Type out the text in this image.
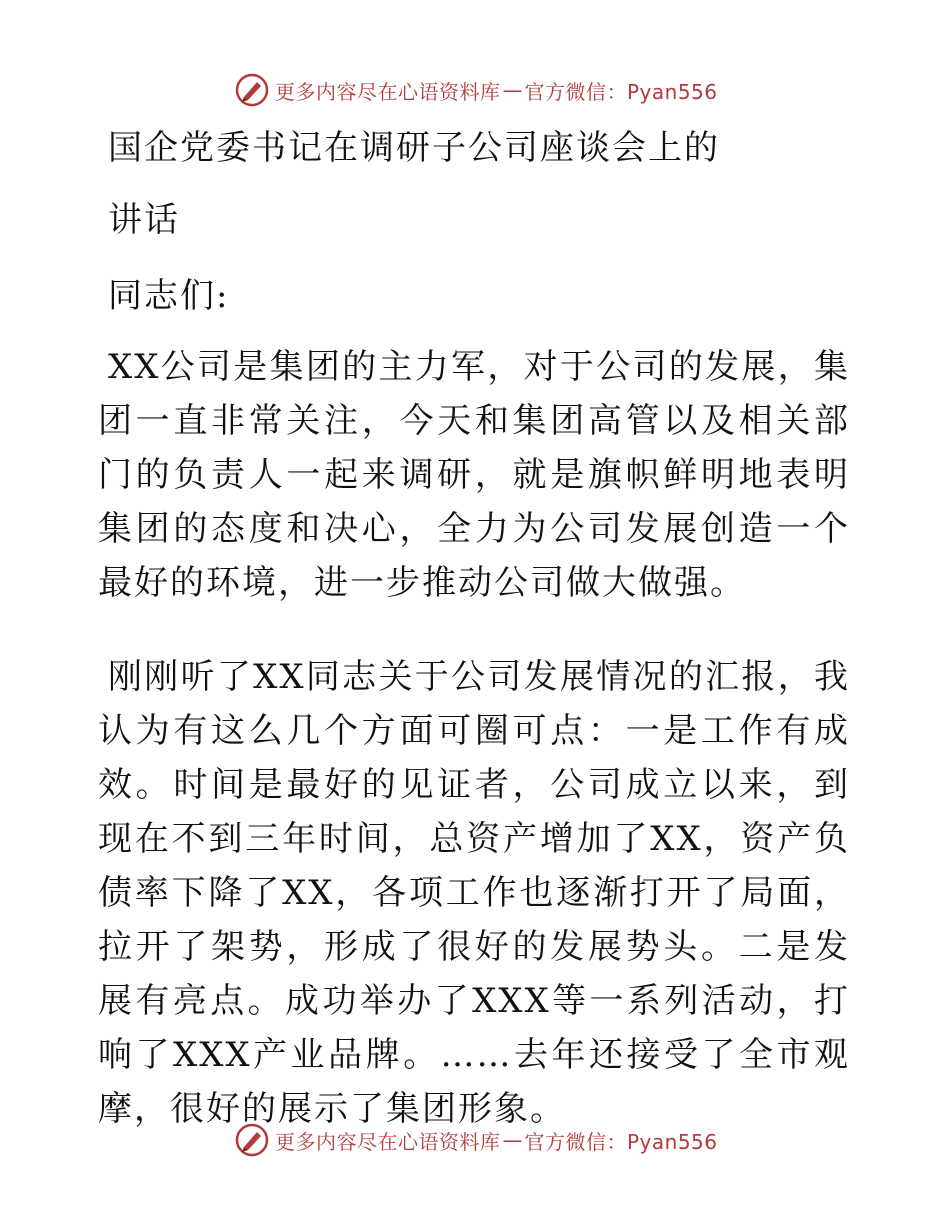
更多内容尽在心语资料库 — 官方微信：Pyan556
国企党委书记在调研子公司座谈会上的
讲话
同志们:
XX公司是集团的主力军，对于公司的发展，集团一直非常关注，今天和集团高管以及相关部门的负责人一起来调研，就是旗帜鲜明地表明集团的态度和决心，全力为公司发展创造一个最好的环境，进一步推动公司做大做强。
刚刚听了XX同志关于公司发展情况的汇报，我认为有这么几个方面可圈可点：一是工作有成效。时间是最好的见证者，公司成立以来，到现在不到三年时间，总资产增加了XX，资产负债率下降了XX，各项工作也逐渐打开了局面，拉开了架势，形成了很好的发展势头。二是发展有亮点。成功举办了XXX等一系列活动，打响了XXX产业品牌。……去年还接受了全市观摩，很好的展示了集团形象。
更多内容尽在心语资料库 — 官方微信：Pyan556
